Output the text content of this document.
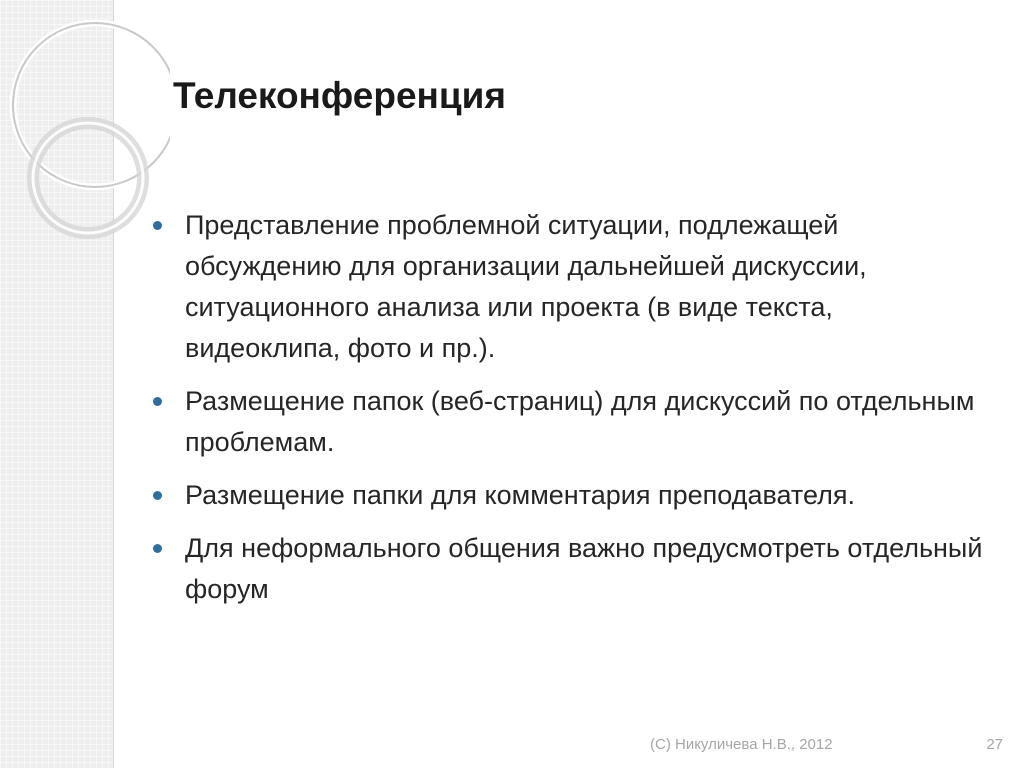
Телеконференция
Представление проблемной ситуации, подлежащей обсуждению для организации дальнейшей дискуссии, ситуационного анализа или проекта (в виде текста, видеоклипа, фото и пр.).
Размещение папок (веб-страниц) для дискуссий по отдельным проблемам.
Размещение папки для комментария преподавателя.
Для неформального общения важно предусмотреть отдельный форум
(C) Никуличева Н.В., 2012	27
